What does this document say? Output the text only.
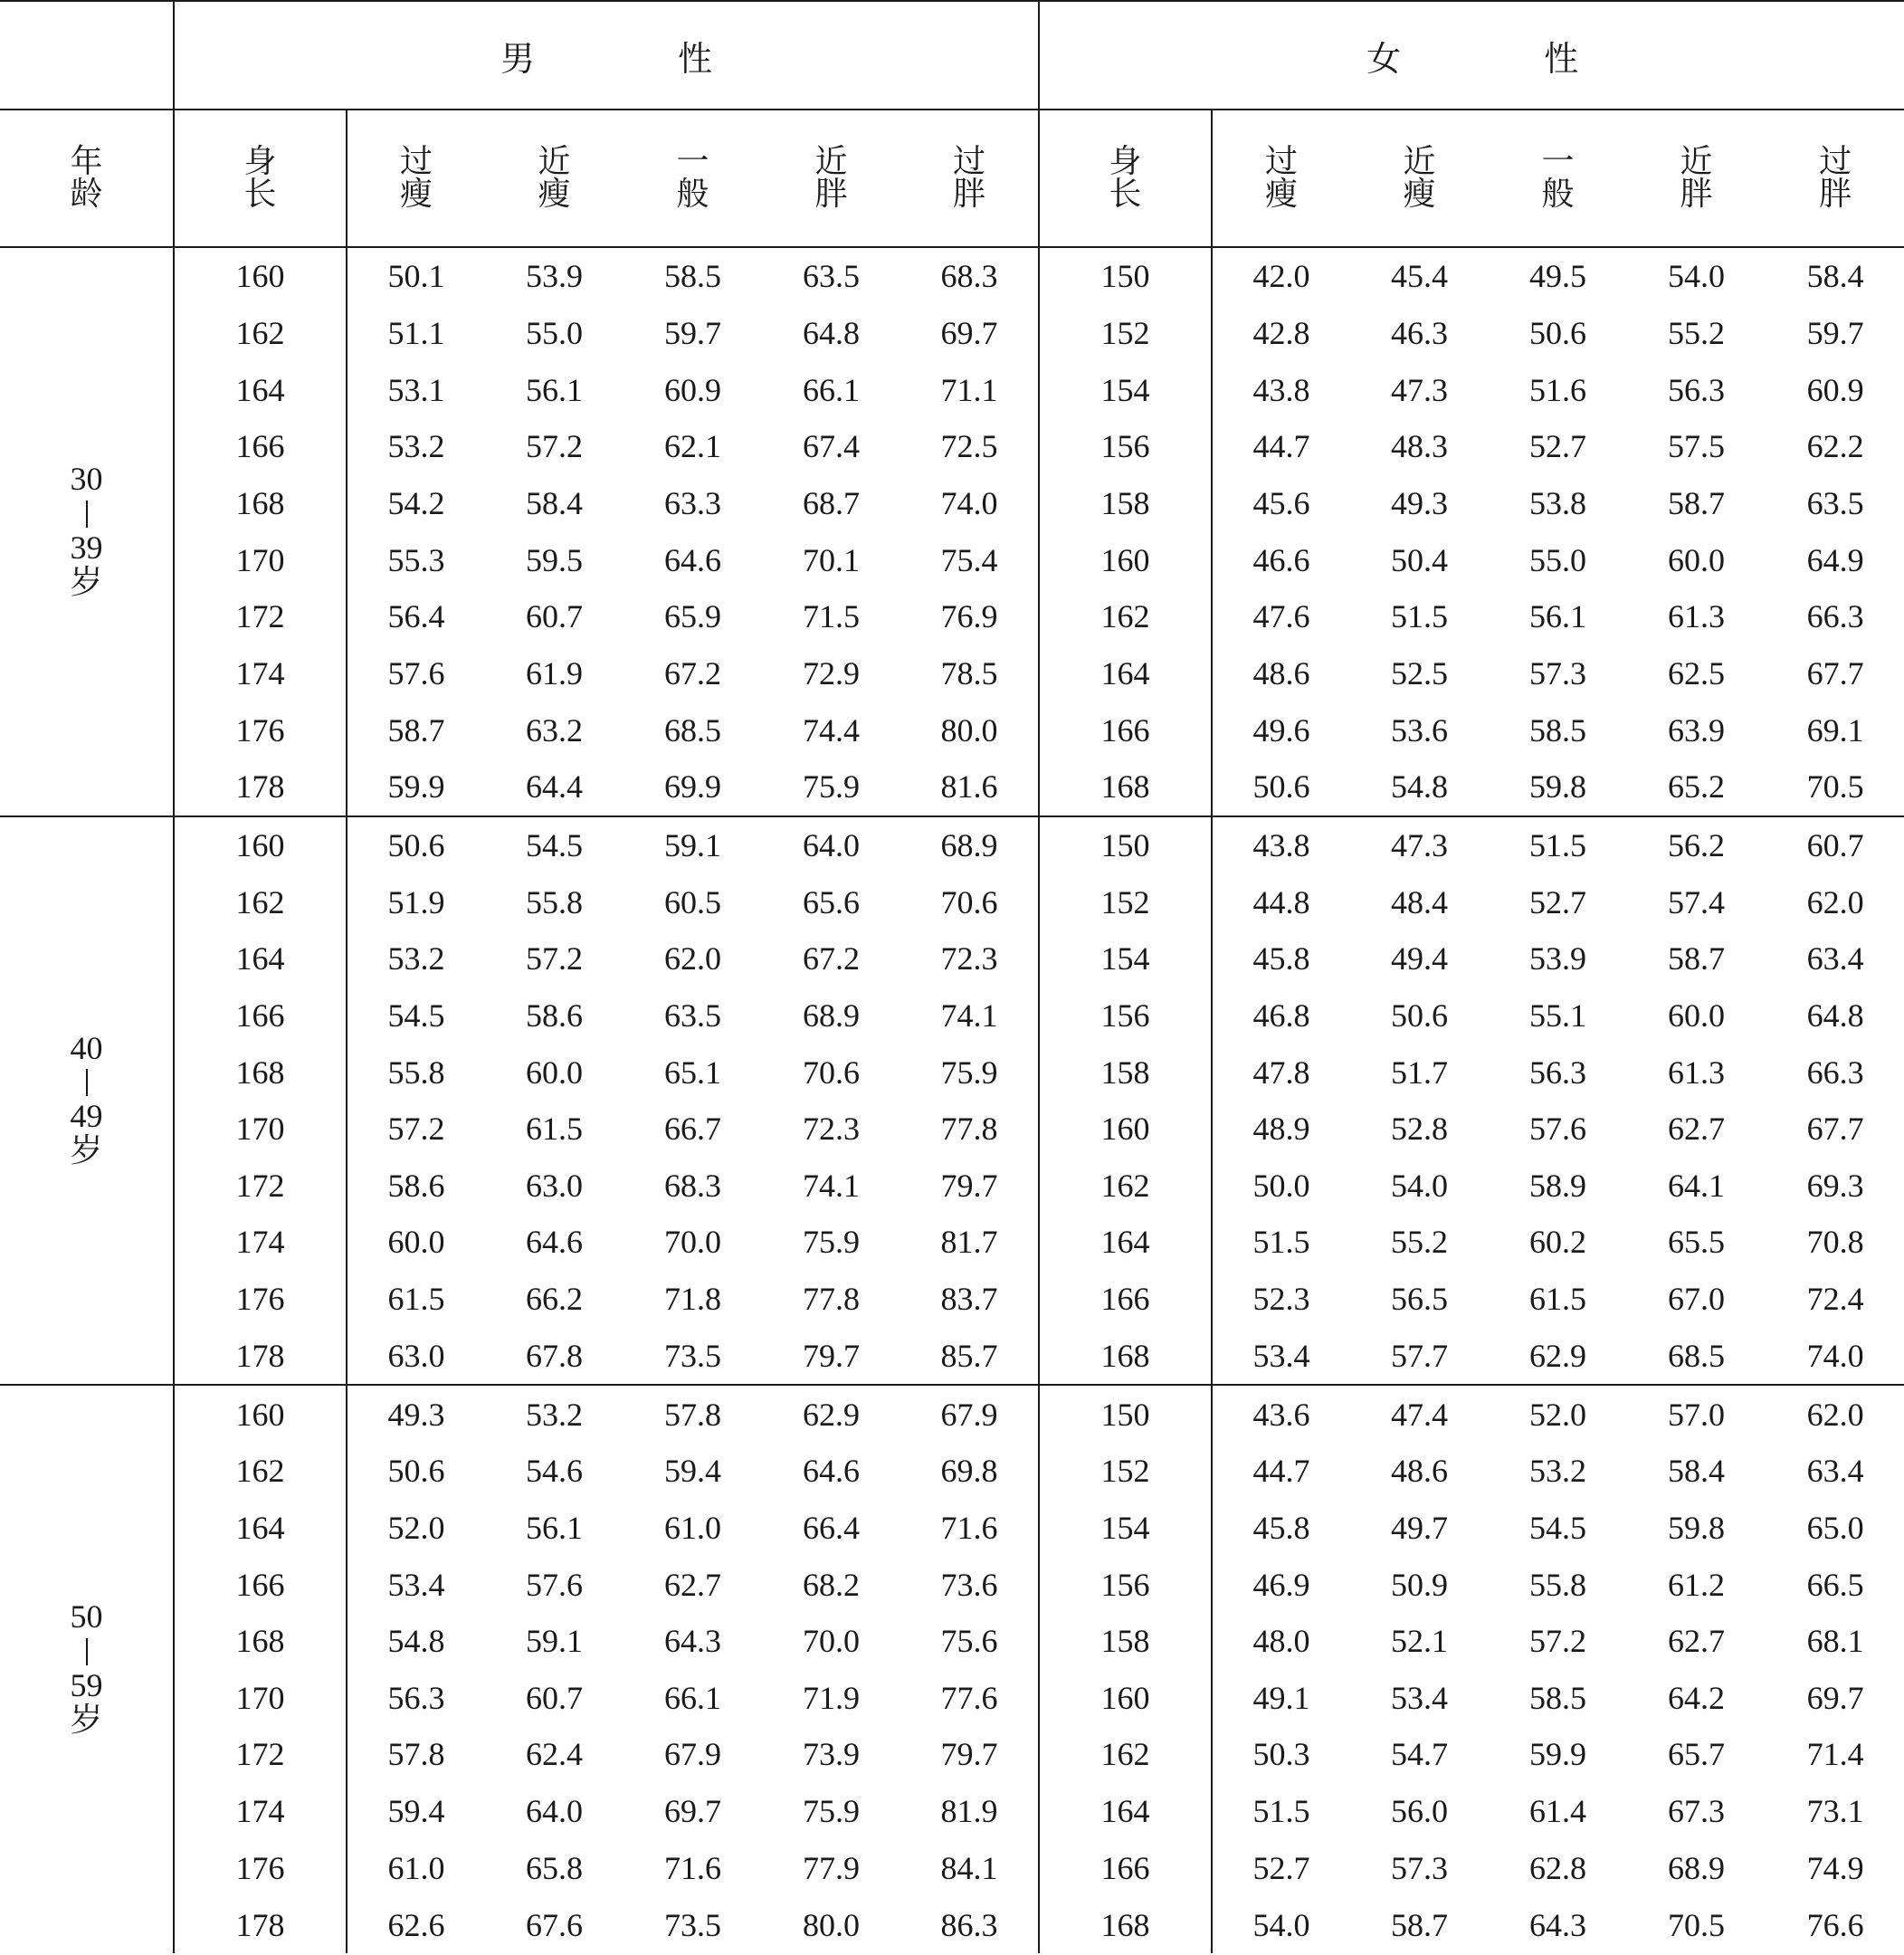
	男　性						女　性					
年龄	身长	过瘦	近瘦	一般	近胖	过胖	身长	过瘦	近瘦	一般	近胖	过胖

30
39岁	160	50.1	53.9	58.5	63.5	68.3	150	42.0	45.4	49.5	54.0	58.4
	162	51.1	55.0	59.7	64.8	69.7	152	42.8	46.3	50.6	55.2	59.7
	164	53.1	56.1	60.9	66.1	71.1	154	43.8	47.3	51.6	56.3	60.9
	166	53.2	57.2	62.1	67.4	72.5	156	44.7	48.3	52.7	57.5	62.2
	168	54.2	58.4	63.3	68.7	74.0	158	45.6	49.3	53.8	58.7	63.5
	170	55.3	59.5	64.6	70.1	75.4	160	46.6	50.4	55.0	60.0	64.9
	172	56.4	60.7	65.9	71.5	76.9	162	47.6	51.5	56.1	61.3	66.3
	174	57.6	61.9	67.2	72.9	78.5	164	48.6	52.5	57.3	62.5	67.7
	176	58.7	63.2	68.5	74.4	80.0	166	49.6	53.6	58.5	63.9	69.1
	178	59.9	64.4	69.9	75.9	81.6	168	50.6	54.8	59.8	65.2	70.5

40
49岁	160	50.6	54.5	59.1	64.0	68.9	150	43.8	47.3	51.5	56.2	60.7
	162	51.9	55.8	60.5	65.6	70.6	152	44.8	48.4	52.7	57.4	62.0
	164	53.2	57.2	62.0	67.2	72.3	154	45.8	49.4	53.9	58.7	63.4
	166	54.5	58.6	63.5	68.9	74.1	156	46.8	50.6	55.1	60.0	64.8
	168	55.8	60.0	65.1	70.6	75.9	158	47.8	51.7	56.3	61.3	66.3
	170	57.2	61.5	66.7	72.3	77.8	160	48.9	52.8	57.6	62.7	67.7
	172	58.6	63.0	68.3	74.1	79.7	162	50.0	54.0	58.9	64.1	69.3
	174	60.0	64.6	70.0	75.9	81.7	164	51.5	55.2	60.2	65.5	70.8
	176	61.5	66.2	71.8	77.8	83.7	166	52.3	56.5	61.5	67.0	72.4
	178	63.0	67.8	73.5	79.7	85.7	168	53.4	57.7	62.9	68.5	74.0

50
59岁	160	49.3	53.2	57.8	62.9	67.9	150	43.6	47.4	52.0	57.0	62.0
	162	50.6	54.6	59.4	64.6	69.8	152	44.7	48.6	53.2	58.4	63.4
	164	52.0	56.1	61.0	66.4	71.6	154	45.8	49.7	54.5	59.8	65.0
	166	53.4	57.6	62.7	68.2	73.6	156	46.9	50.9	55.8	61.2	66.5
	168	54.8	59.1	64.3	70.0	75.6	158	48.0	52.1	57.2	62.7	68.1
	170	56.3	60.7	66.1	71.9	77.6	160	49.1	53.4	58.5	64.2	69.7
	172	57.8	62.4	67.9	73.9	79.7	162	50.3	54.7	59.9	65.7	71.4
	174	59.4	64.0	69.7	75.9	81.9	164	51.5	56.0	61.4	67.3	73.1
	176	61.0	65.8	71.6	77.9	84.1	166	52.7	57.3	62.8	68.9	74.9
	178	62.6	67.6	73.5	80.0	86.3	168	54.0	58.7	64.3	70.5	76.6
